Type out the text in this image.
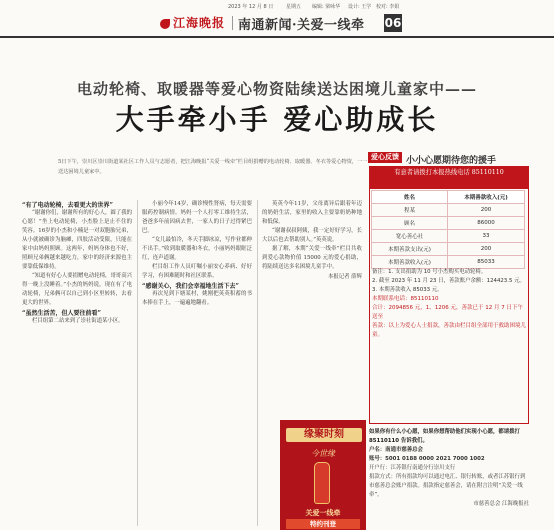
2023 年 12 月 8 日	星期五 编辑: 梁咏华 设计: 王学 校对: 李娟
江海晚报 南通新闻·关爱一线牵 06
电动轮椅、取暖器等爱心物资陆续送达困境儿童家中——
大手牵小手 爱心助成长
5日下午，崇川区崇川街道某社区工作人员与志愿者，把江海晚报“关爱一线牵”栏目组捐赠的电动轮椅、取暖器、冬衣等爱心物资，一一送达困境儿童家中。
“有了电动轮椅，去看更大的世界”
“谢谢你们，谢谢所有的好心人，圆了我的心愿！”坐上电动轮椅，小杰脸上是止不住的笑容。16岁的小杰和小楠是一对双胞胎兄弟，从小就被确诊为脑瘫，四肢活动受限，只能在家中由妈妈照顾。这两年，妈妈身体也不好，照顾兄弟俩越来越吃力，家中的经济来源也主要靠低保维持。
“知道有好心人要捐赠电动轮椅，哥哥高兴得一晚上没睡着。”小杰的妈妈说，现在有了电动轮椅，兄弟俩可以自己到小区里转转，去看更大的世界。
“虽然生活苦，但人要往前看”
栏目组第二站来到了崇社街道某小区。
小丽今年14岁，确诊慢性肾病，每天需要服药控制病情。妈妈一个人打零工维持生活，爸爸多年前因病去世，一家人的日子过得紧巴巴。
“女儿最怕冷，冬天手脚冰凉，写作业都伸不出手。”收到取暖器和冬衣，小丽妈妈眼眶泛红，连声道谢。
栏目组工作人员叮嘱小丽安心养病、好好学习，有困难随时和社区联系。
“感谢关心，我们会幸福地生活下去”
再次见到下塘某村，姚刚把英英积蓄的书本捧在手上，一遍遍地翻看。
英英今年11岁，父母离异后跟着年迈的奶奶生活，家里的收入主要靠奶奶种地和低保。
“谢谢叔叔阿姨，我一定好好学习，长大以后也去帮助别人。”英英说。
据了解，本期“关爱一线牵”栏目共收到爱心款物价值 15000 元的爱心捐助，将陆续送达多名困境儿童手中。
本报记者 薛辉
爱心反馈 小小心愿期待您的援手
有意者请拨打本报热线电话 85110110
姓名	本期善款收入(元)
程某	200
顾名	86000
宽心善心社	33
本期善款支出(元)	200
本期善款收入(元)	85033
备注：1. 支出捐助为 10 号小杰购买电动轮椅。
2. 截至 2023 年 11 月 23 日，善款账户余额：124423.5 元。
3. 本期善款收入 85033 元。
本期联系电话：85110110
合计：2094856 元，1、1206 元，善款已于 12 月 7 日下午送至
善款：以上为爱心人士捐款，善款由栏目组全部用于救助困境儿童。
如果你有什么小心愿，如果你想帮助他们实现小心愿，都请拨打 85110110 告诉我们。
户名：南通市慈善总会
账号：5001 0188 0000 2021 7000 1002
开户行：江苏银行南通分行崇川支行
捐款方式：所有捐款均可以通过电汇、银行转账，或者江苏银行到市慈善总会账户捐款。捐款指定慈善会，请在附言注明“关爱一线牵”。
市慈善总会 江海晚报社
缘聚时刻
今世缘
关爱一线牵
特约刊登
